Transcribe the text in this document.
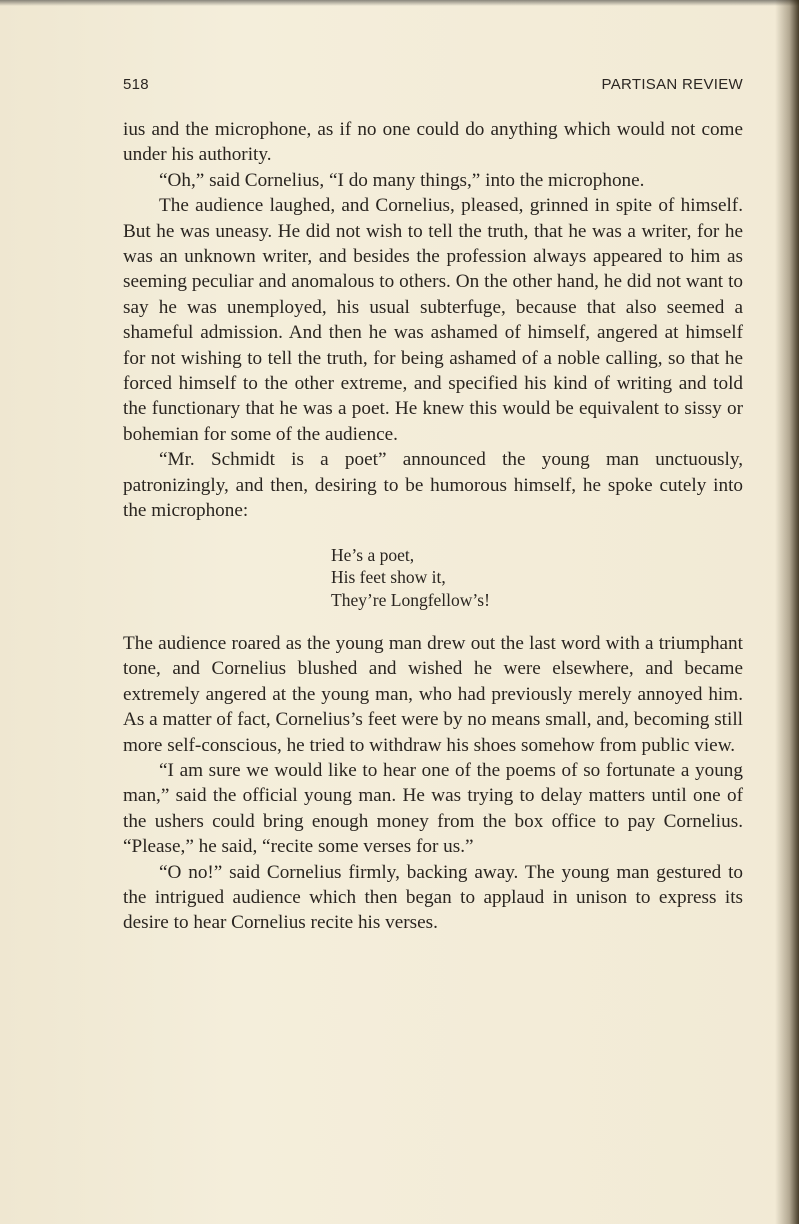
518	PARTISAN REVIEW

ius and the microphone, as if no one could do anything which would not come under his authority.

“Oh,” said Cornelius, “I do many things,” into the microphone.

The audience laughed, and Cornelius, pleased, grinned in spite of himself. But he was uneasy. He did not wish to tell the truth, that he was a writer, for he was an unknown writer, and besides the profession always appeared to him as seeming peculiar and anomalous to others. On the other hand, he did not want to say he was unemployed, his usual subterfuge, because that also seemed a shameful admission. And then he was ashamed of himself, angered at himself for not wishing to tell the truth, for being ashamed of a noble calling, so that he forced himself to the other extreme, and specified his kind of writing and told the functionary that he was a poet. He knew this would be equivalent to sissy or bohemian for some of the audience.

“Mr. Schmidt is a poet” announced the young man unctuously, patronizingly, and then, desiring to be humorous himself, he spoke cutely into the microphone:

He’s a poet,
His feet show it,
They’re Longfellow’s!

The audience roared as the young man drew out the last word with a triumphant tone, and Cornelius blushed and wished he were elsewhere, and became extremely angered at the young man, who had previously merely annoyed him. As a matter of fact, Cornelius’s feet were by no means small, and, becoming still more self-conscious, he tried to withdraw his shoes somehow from public view.

“I am sure we would like to hear one of the poems of so fortunate a young man,” said the official young man. He was trying to delay matters until one of the ushers could bring enough money from the box office to pay Cornelius. “Please,” he said, “recite some verses for us.”

“O no!” said Cornelius firmly, backing away. The young man gestured to the intrigued audience which then began to applaud in unison to express its desire to hear Cornelius recite his verses.
